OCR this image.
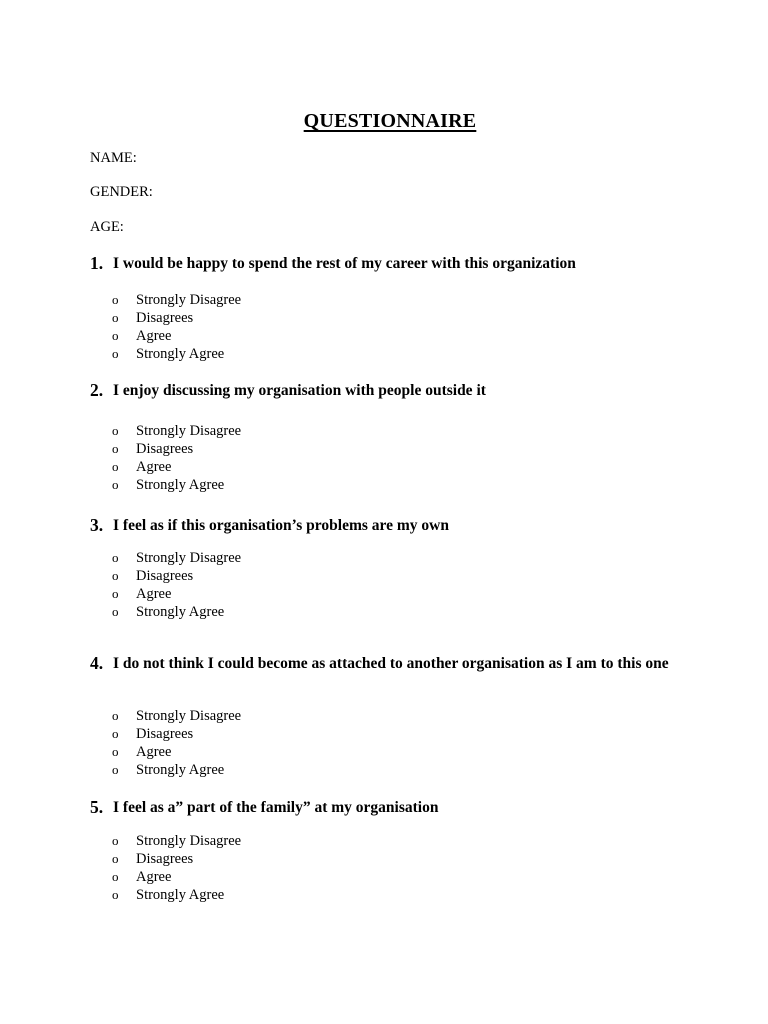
QUESTIONNAIRE
NAME:
GENDER:
AGE:
1. I would be happy to spend the rest of my career with this organization
o Strongly Disagree
o Disagrees
o Agree
o Strongly Agree
2. I enjoy discussing my organisation with people outside it
o Strongly Disagree
o Disagrees
o Agree
o Strongly Agree
3. I feel as if this organisation’s problems are my own
o Strongly Disagree
o Disagrees
o Agree
o Strongly Agree
4. I do not think I could become as attached to another organisation as I am to this one
o Strongly Disagree
o Disagrees
o Agree
o Strongly Agree
5. I feel as a” part of the family” at my organisation
o Strongly Disagree
o Disagrees
o Agree
o Strongly Agree
